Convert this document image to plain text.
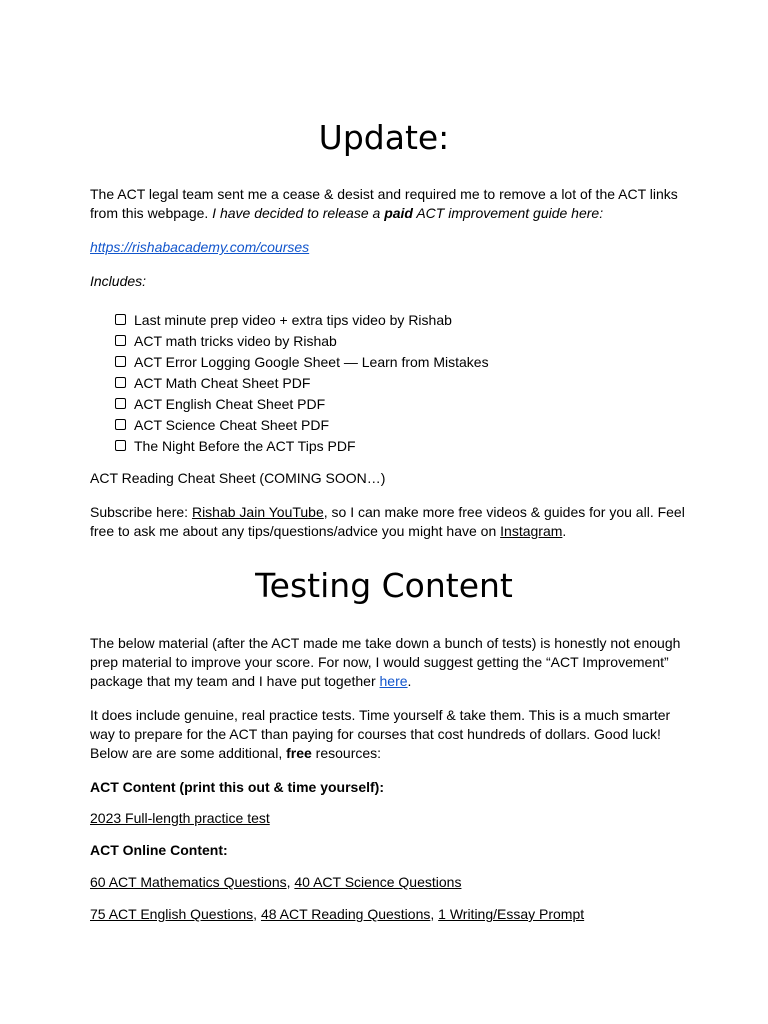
Update:

The ACT legal team sent me a cease & desist and required me to remove a lot of the ACT links from this webpage. I have decided to release a paid ACT improvement guide here:

https://rishabacademy.com/courses

Includes:

Last minute prep video + extra tips video by Rishab
ACT math tricks video by Rishab
ACT Error Logging Google Sheet — Learn from Mistakes
ACT Math Cheat Sheet PDF
ACT English Cheat Sheet PDF
ACT Science Cheat Sheet PDF
The Night Before the ACT Tips PDF

ACT Reading Cheat Sheet (COMING SOON…)

Subscribe here: Rishab Jain YouTube, so I can make more free videos & guides for you all. Feel free to ask me about any tips/questions/advice you might have on Instagram.

Testing Content

The below material (after the ACT made me take down a bunch of tests) is honestly not enough prep material to improve your score. For now, I would suggest getting the “ACT Improvement” package that my team and I have put together here.

It does include genuine, real practice tests. Time yourself & take them. This is a much smarter way to prepare for the ACT than paying for courses that cost hundreds of dollars. Good luck! Below are are some additional, free resources:

ACT Content (print this out & time yourself):

2023 Full-length practice test

ACT Online Content:

60 ACT Mathematics Questions, 40 ACT Science Questions

75 ACT English Questions, 48 ACT Reading Questions, 1 Writing/Essay Prompt
